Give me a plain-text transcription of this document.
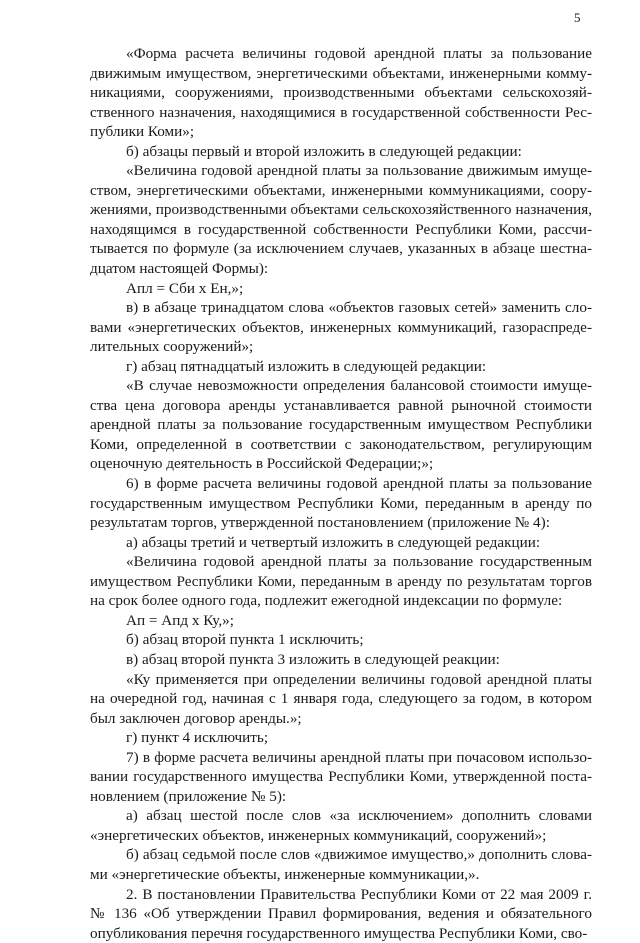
5

«Форма расчета величины годовой арендной платы за пользование движимым имуществом, энергетическими объектами, инженерными коммуникациями, сооружениями, производственными объектами сельскохозяйственного назначения, находящимися в государственной собственности Республики Коми»;

б) абзацы первый и второй изложить в следующей редакции:

«Величина годовой арендной платы за пользование движимым имуществом, энергетическими объектами, инженерными коммуникациями, сооружениями, производственными объектами сельскохозяйственного назначения, находящимся в государственной собственности Республики Коми, рассчитывается по формуле (за исключением случаев, указанных в абзаце шестнадцатом настоящей Формы):

Апл = Сби х Ен,»;

в) в абзаце тринадцатом слова «объектов газовых сетей» заменить словами «энергетических объектов, инженерных коммуникаций, газораспределительных сооружений»;

г) абзац пятнадцатый изложить в следующей редакции:

«В случае невозможности определения балансовой стоимости имущества цена договора аренды устанавливается равной рыночной стоимости арендной платы за пользование государственным имуществом Республики Коми, определенной в соответствии с законодательством, регулирующим оценочную деятельность в Российской Федерации;»;

6) в форме расчета величины годовой арендной платы за пользование государственным имуществом Республики Коми, переданным в аренду по результатам торгов, утвержденной постановлением (приложение № 4):

а) абзацы третий и четвертый изложить в следующей редакции:

«Величина годовой арендной платы за пользование государственным имуществом Республики Коми, переданным в аренду по результатам торгов на срок более одного года, подлежит ежегодной индексации по формуле:

Ап = Апд х Ку,»;

б) абзац второй пункта 1 исключить;

в) абзац второй пункта 3 изложить в следующей реакции:

«Ку применяется при определении величины годовой арендной платы на очередной год, начиная с 1 января года, следующего за годом, в котором был заключен договор аренды.»;

г) пункт 4 исключить;

7) в форме расчета величины арендной платы при почасовом использовании государственного имущества Республики Коми, утвержденной постановлением (приложение № 5):

а) абзац шестой после слов «за исключением» дополнить словами «энергетических объектов, инженерных коммуникаций, сооружений»;

б) абзац седьмой после слов «движимое имущество,» дополнить словами «энергетические объекты, инженерные коммуникации,».

2. В постановлении Правительства Республики Коми от 22 мая 2009 г. № 136 «Об утверждении Правил формирования, ведения и обязательного опубликования перечня государственного имущества Республики Коми, сво-
